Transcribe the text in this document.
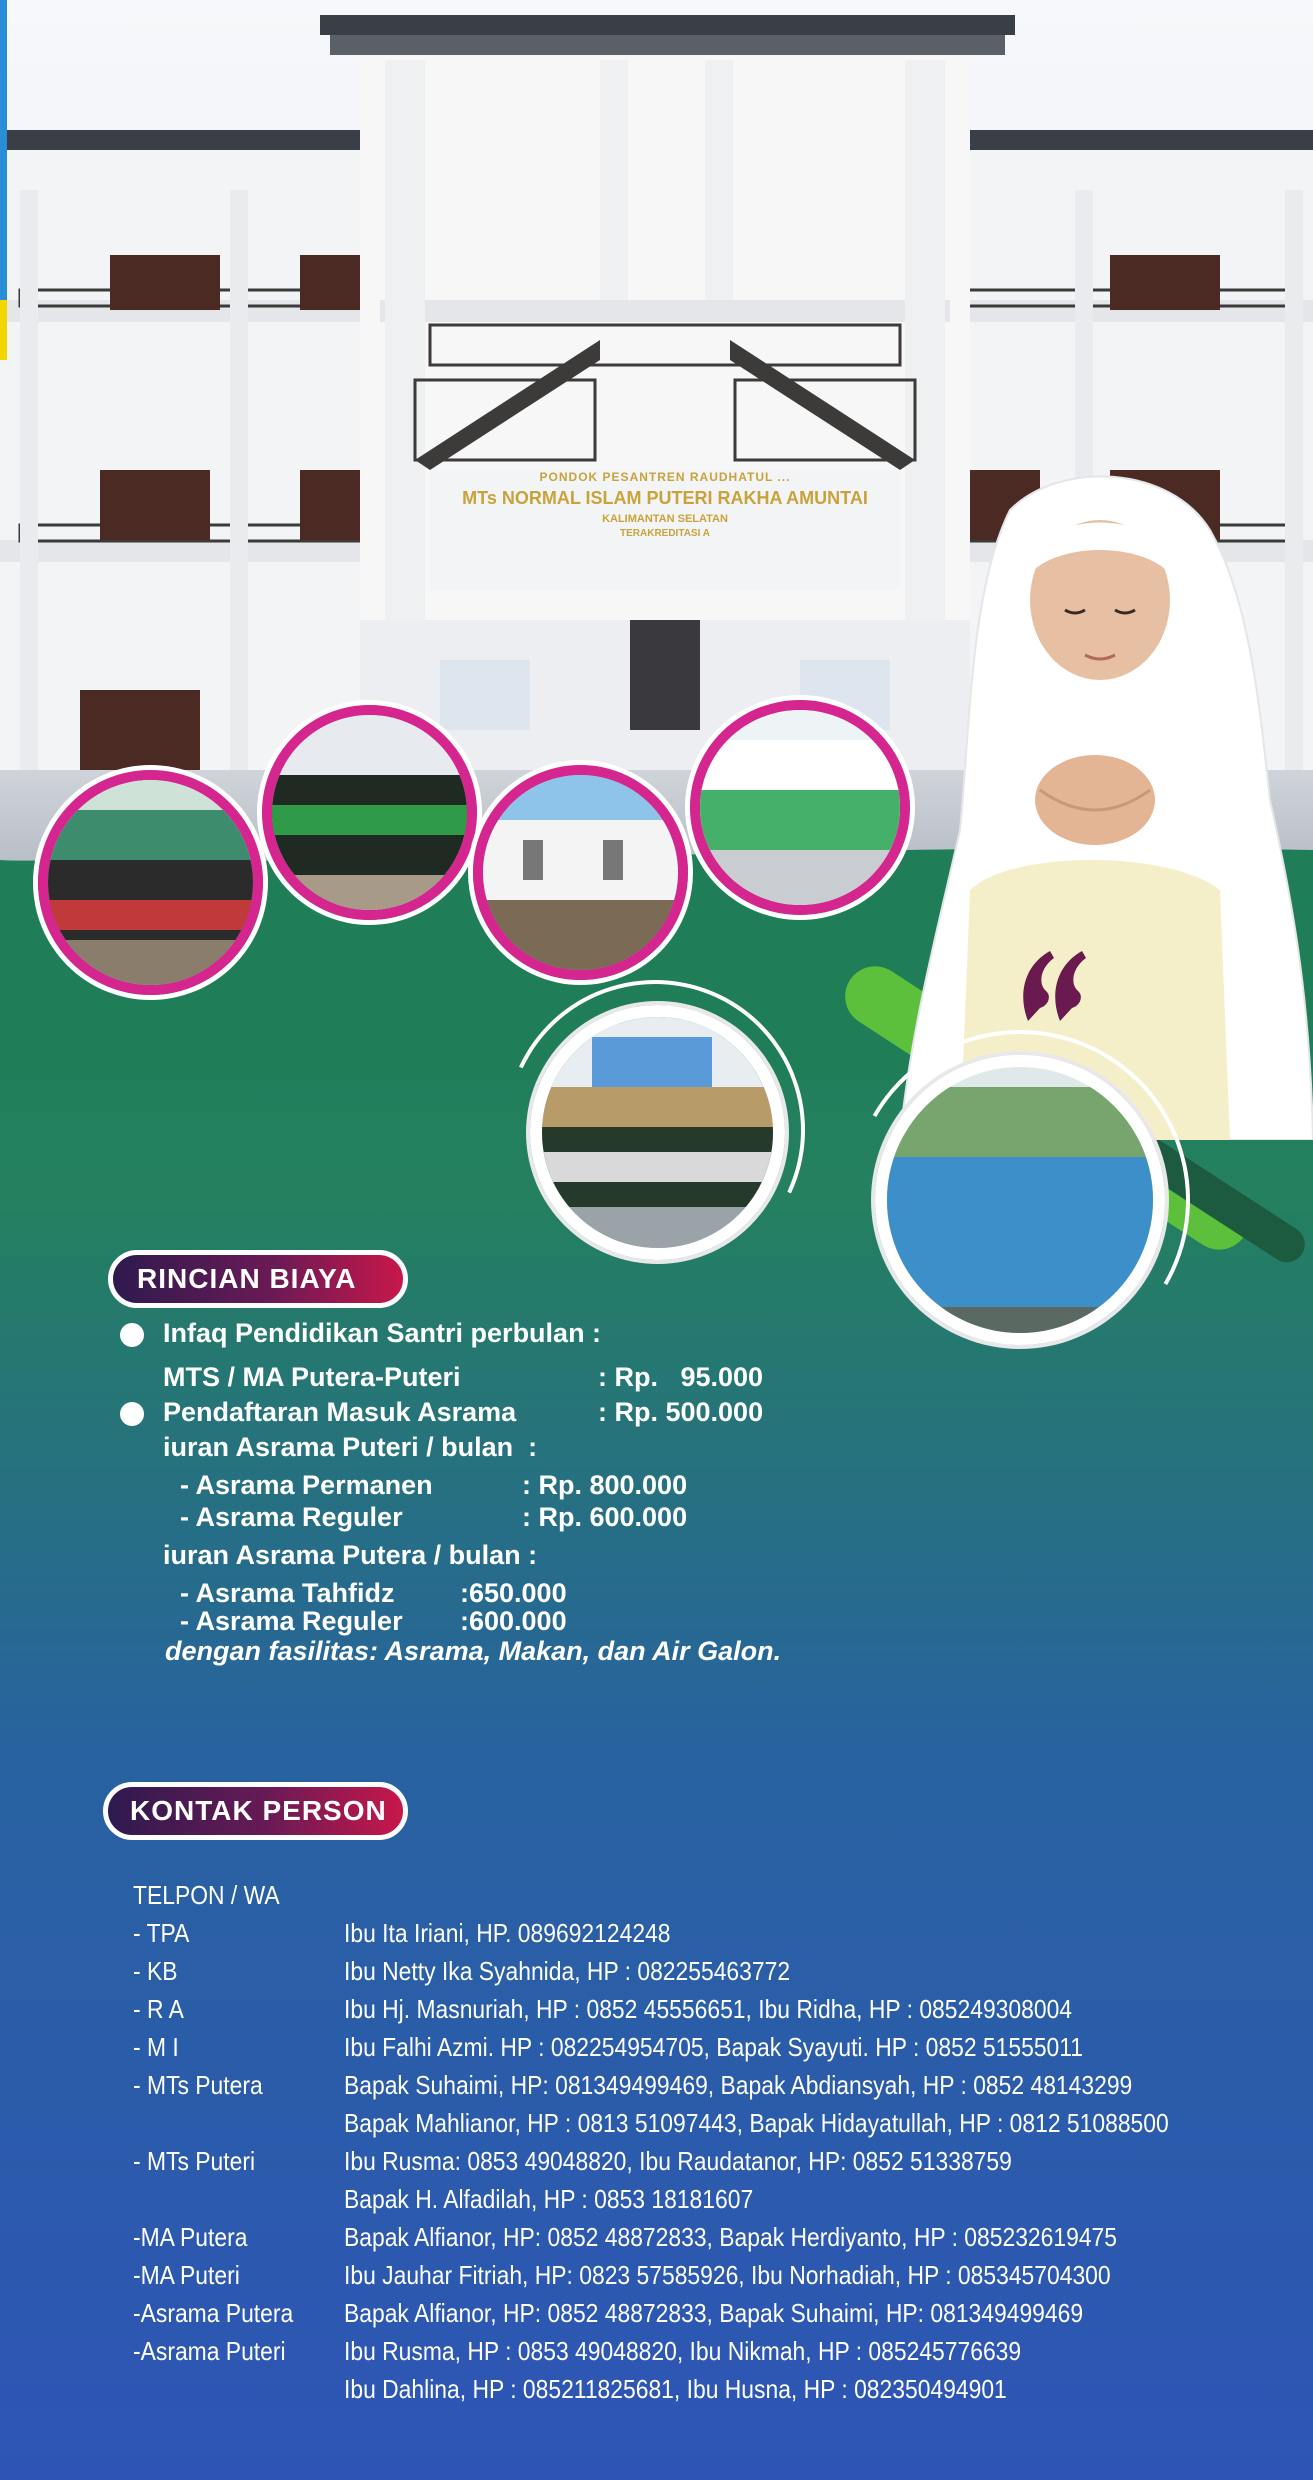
PONDOK PESANTREN RAUDHATUL ...
MTs NORMAL ISLAM PUTERI RAKHA AMUNTAI
KALIMANTAN SELATAN
TERAKREDITASI A
RINCIAN BIAYA
Infaq Pendidikan Santri perbulan :
MTS / MA Putera-Puteri	: Rp.   95.000
Pendaftaran Masuk Asrama	: Rp. 500.000
iuran Asrama Puteri / bulan  :
- Asrama Permanen	: Rp. 800.000
- Asrama Reguler	: Rp. 600.000
iuran Asrama Putera / bulan :
- Asrama Tahfidz :650.000
- Asrama Reguler :600.000
dengan fasilitas: Asrama, Makan, dan Air Galon.
KONTAK PERSON
TELPON / WA
- TPA	Ibu Ita Iriani, HP. 089692124248
- KB	Ibu Netty Ika Syahnida, HP : 082255463772
- R A	Ibu Hj. Masnuriah, HP : 0852 45556651, Ibu Ridha, HP : 085249308004
- M I	Ibu Falhi Azmi. HP : 082254954705, Bapak Syayuti. HP : 0852 51555011
- MTs Putera	Bapak Suhaimi, HP: 081349499469, Bapak Abdiansyah, HP : 0852 48143299
Bapak Mahlianor, HP : 0813 51097443, Bapak Hidayatullah, HP : 0812 51088500
- MTs Puteri	Ibu Rusma: 0853 49048820, Ibu Raudatanor, HP: 0852 51338759
Bapak H. Alfadilah, HP : 0853 18181607
-MA Putera	Bapak Alfianor, HP: 0852 48872833, Bapak Herdiyanto, HP : 085232619475
-MA Puteri	Ibu Jauhar Fitriah, HP: 0823 57585926, Ibu Norhadiah, HP : 085345704300
-Asrama Putera Bapak Alfianor, HP: 0852 48872833, Bapak Suhaimi, HP: 081349499469
-Asrama Puteri Ibu Rusma, HP : 0853 49048820, Ibu Nikmah, HP : 085245776639
Ibu Dahlina, HP : 085211825681, Ibu Husna, HP : 082350494901
